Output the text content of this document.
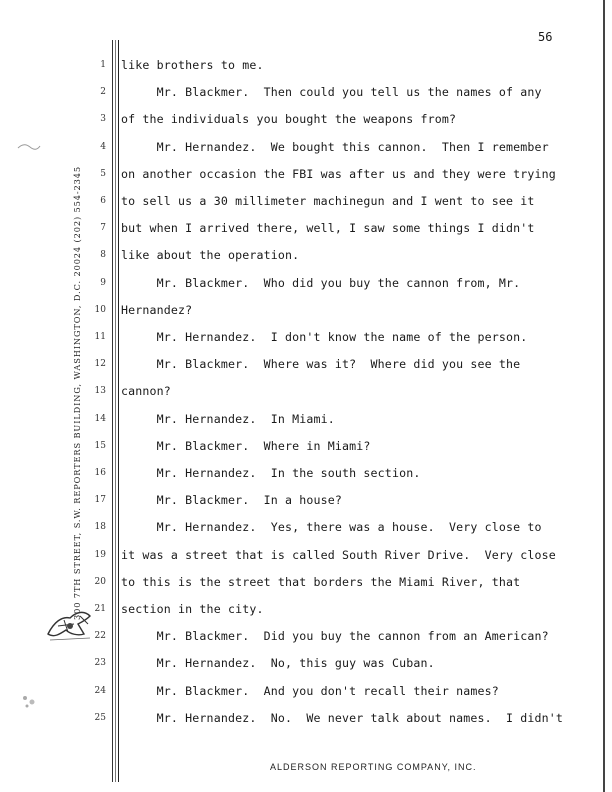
56
300 7TH STREET, S.W. REPORTERS BUILDING, WASHINGTON, D.C. 20024 (202) 554-2345
1
2
3
4
5
6
7
8
9
10
11
12
13
14
15
16
17
18
19
20
21
22
23
24
25
like brothers to me.
Mr. Blackmer.  Then could you tell us the names of any
of the individuals you bought the weapons from?
Mr. Hernandez.  We bought this cannon.  Then I remember
on another occasion the FBI was after us and they were trying
to sell us a 30 millimeter machinegun and I went to see it
but when I arrived there, well, I saw some things I didn't
like about the operation.
Mr. Blackmer.  Who did you buy the cannon from, Mr.
Hernandez?
Mr. Hernandez.  I don't know the name of the person.
Mr. Blackmer.  Where was it?  Where did you see the
cannon?
Mr. Hernandez.  In Miami.
Mr. Blackmer.  Where in Miami?
Mr. Hernandez.  In the south section.
Mr. Blackmer.  In a house?
Mr. Hernandez.  Yes, there was a house.  Very close to
it was a street that is called South River Drive.  Very close
to this is the street that borders the Miami River, that
section in the city.
Mr. Blackmer.  Did you buy the cannon from an American?
Mr. Hernandez.  No, this guy was Cuban.
Mr. Blackmer.  And you don't recall their names?
Mr. Hernandez.  No.  We never talk about names.  I didn't
ALDERSON REPORTING COMPANY, INC.
